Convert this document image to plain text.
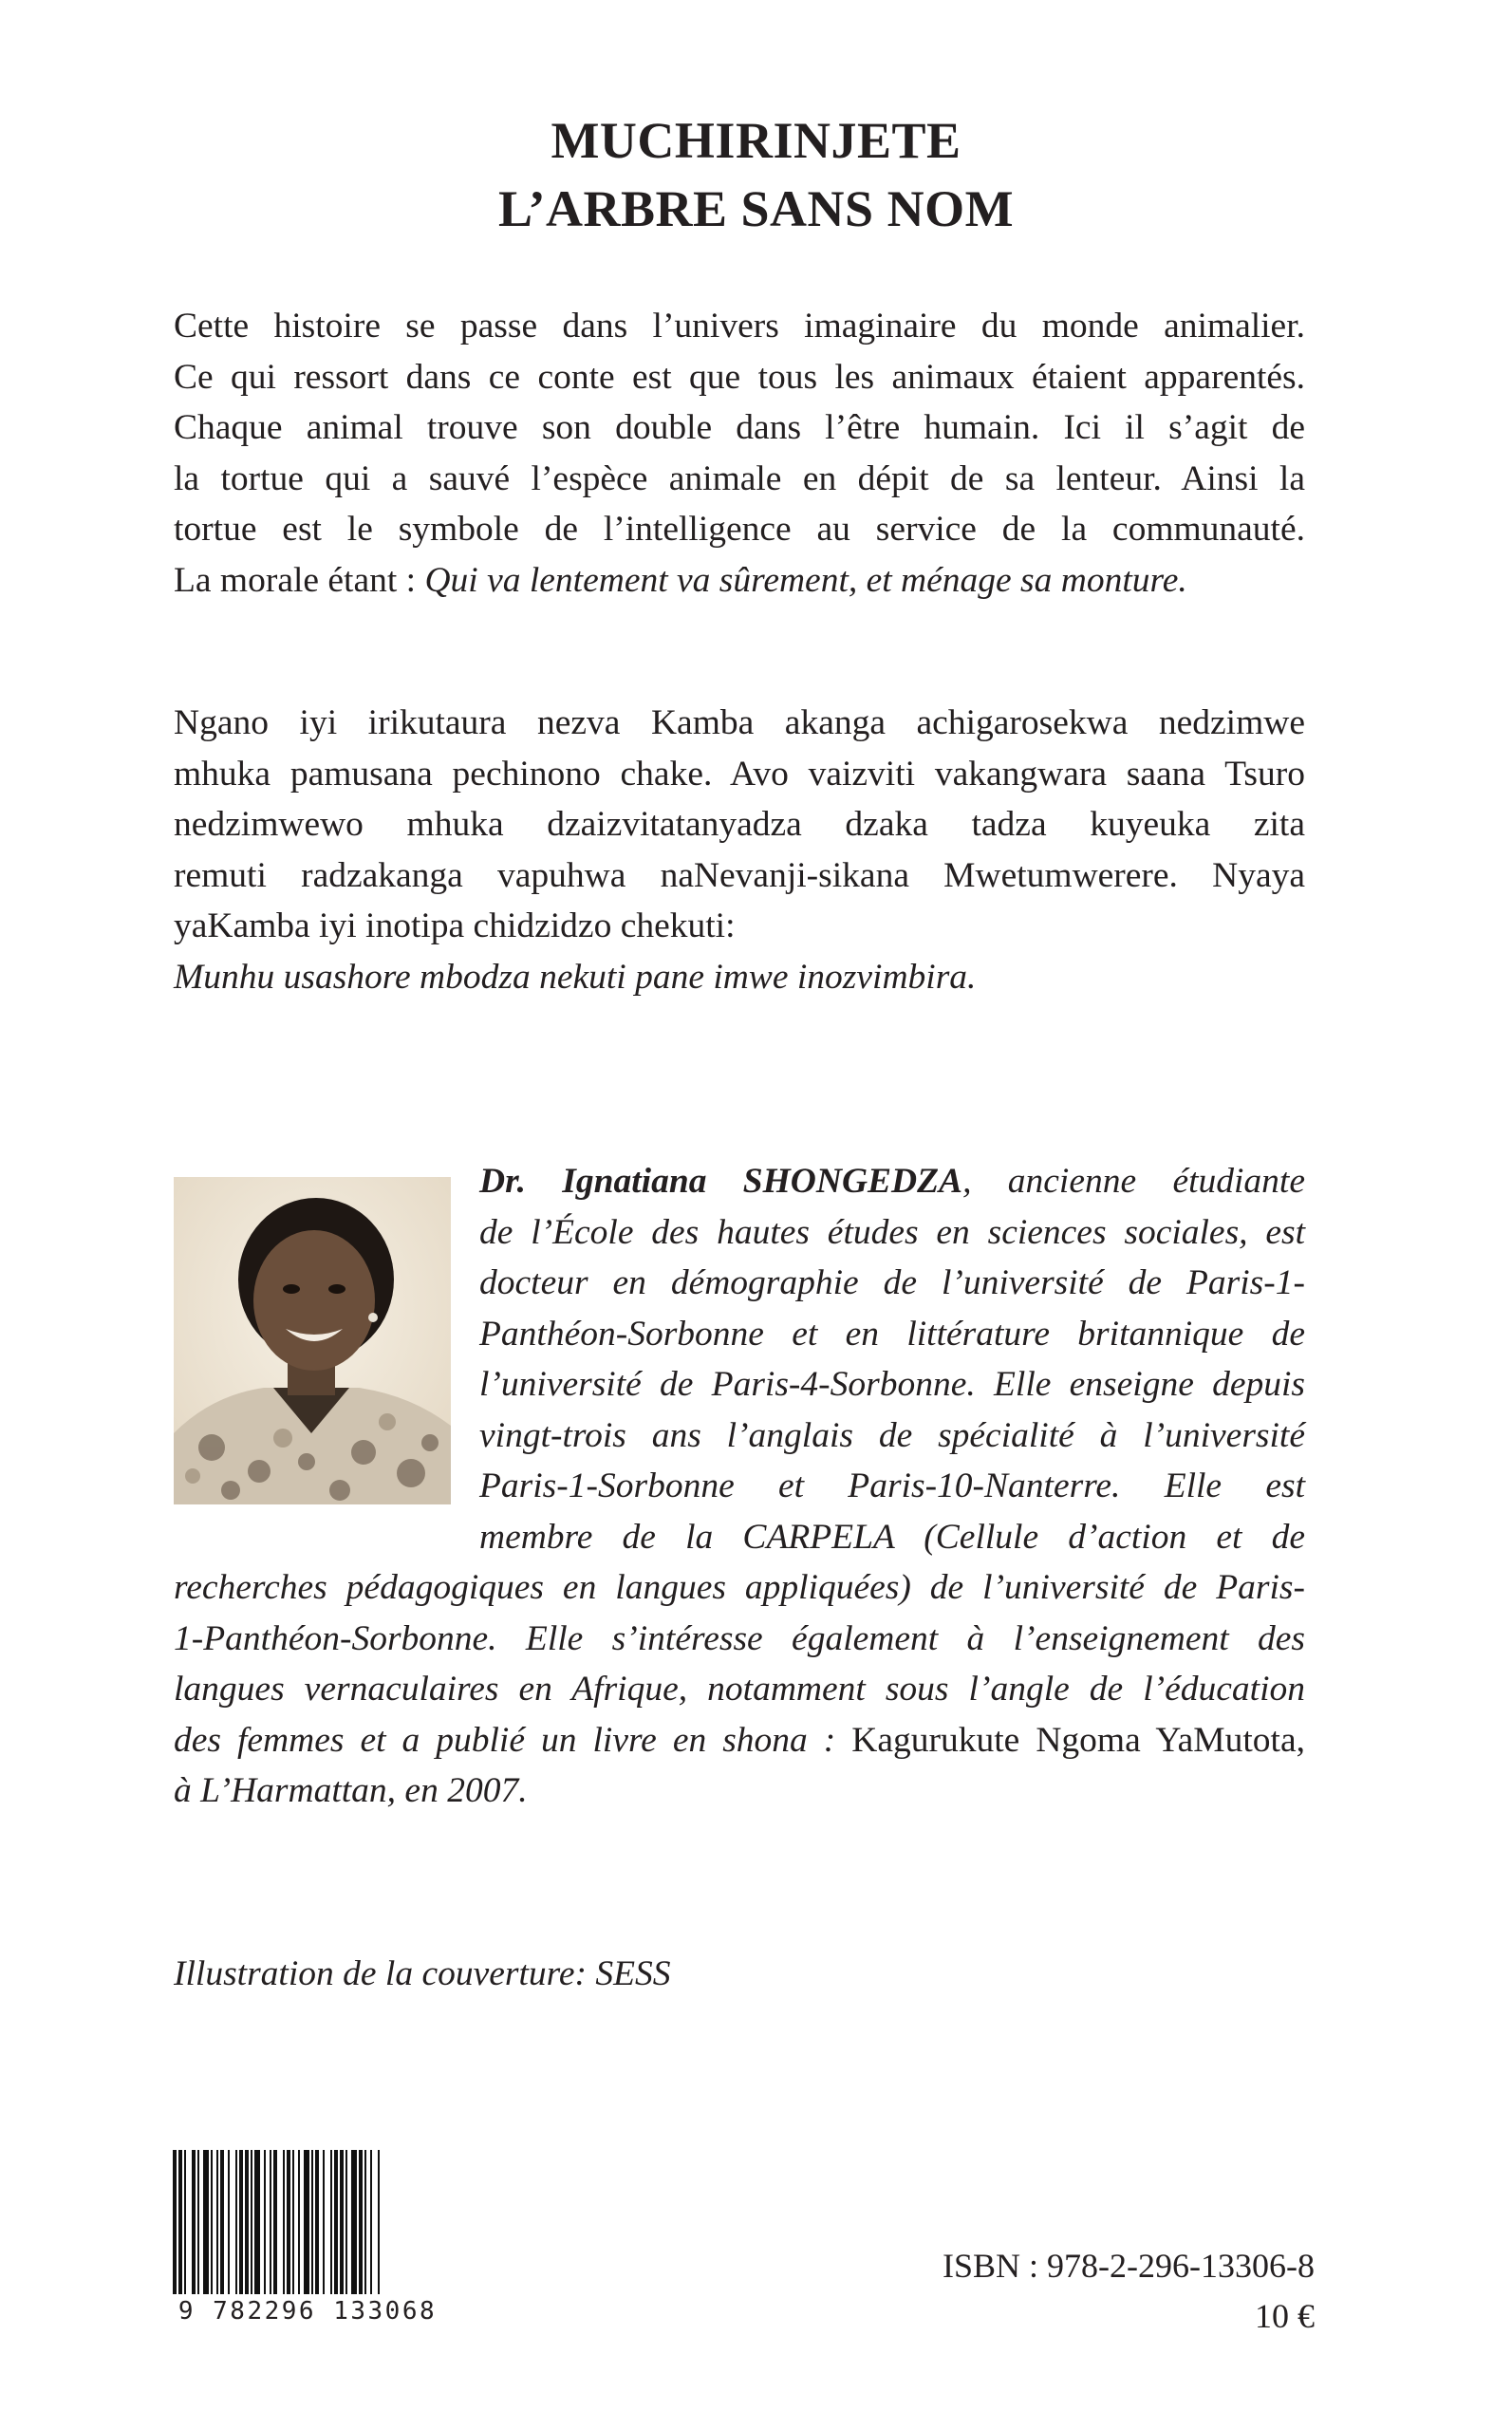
MUCHIRINJETE
L’ARBRE SANS NOM
Cette histoire se passe dans l’univers imaginaire du monde animalier.
Ce qui ressort dans ce conte est que tous les animaux étaient apparentés.
Chaque animal trouve son double dans l’être humain. Ici il s’agit de
la tortue qui a sauvé l’espèce animale en dépit de sa lenteur. Ainsi la
tortue est le symbole de l’intelligence au service de la communauté.
La morale étant : Qui va lentement va sûrement, et ménage sa monture.
Ngano iyi irikutaura nezva Kamba akanga achigarosekwa nedzimwe
mhuka pamusana pechinono chake. Avo vaizviti vakangwara saana Tsuro
nedzimwewo mhuka dzaizvitatanyadza dzaka tadza kuyeuka zita
remuti radzakanga vapuhwa naNevanji-sikana Mwetumwerere. Nyaya
yaKamba iyi inotipa chidzidzo chekuti:
Munhu usashore mbodza nekuti pane imwe inozvimbira.
Dr. Ignatiana SHONGEDZA, ancienne étudiante
de l’École des hautes études en sciences sociales, est
docteur en démographie de l’université de Paris-1-
Panthéon-Sorbonne et en littérature britannique de
l’université de Paris-4-Sorbonne. Elle enseigne depuis
vingt-trois ans l’anglais de spécialité à l’université
Paris-1-Sorbonne et Paris-10-Nanterre. Elle est
membre de la CARPELA (Cellule d’action et de
recherches pédagogiques en langues appliquées) de l’université de Paris-
1-Panthéon-Sorbonne. Elle s’intéresse également à l’enseignement des
langues vernaculaires en Afrique, notamment sous l’angle de l’éducation
des femmes et a publié un livre en shona : Kagurukute Ngoma YaMutota,
à L’Harmattan, en 2007.
Illustration de la couverture: SESS
9 782296 133068
ISBN : 978-2-296-13306-8
10 €
